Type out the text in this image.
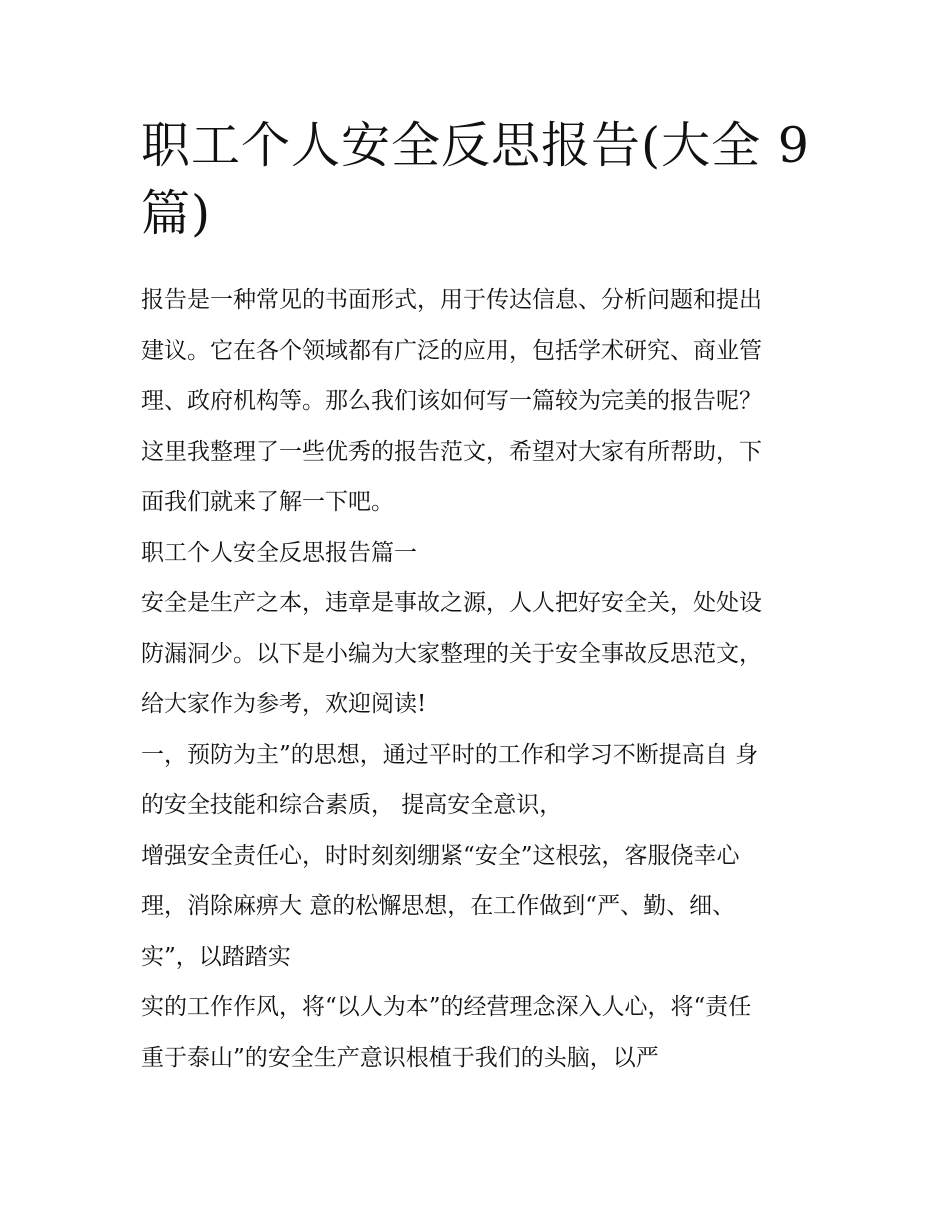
职工个人安全反思报告(大全 9
篇)

报告是一种常见的书面形式，用于传达信息、分析问题和提出
建议。它在各个领域都有广泛的应用，包括学术研究、商业管
理、政府机构等。那么我们该如何写一篇较为完美的报告呢？
这里我整理了一些优秀的报告范文，希望对大家有所帮助，下
面我们就来了解一下吧。

职工个人安全反思报告篇一

安全是生产之本，违章是事故之源，人人把好安全关，处处设
防漏洞少。以下是小编为大家整理的关于安全事故反思范文，
给大家作为参考，欢迎阅读!

一，预防为主”的思想，通过平时的工作和学习不断提高自 身
的安全技能和综合素质， 提高安全意识，

增强安全责任心，时时刻刻绷紧“安全”这根弦，客服侥幸心
理，消除麻痹大 意的松懈思想，在工作做到“严、勤、细、
实”，以踏踏实

实的工作作风，将“以人为本”的经营理念深入人心，将“责任
重于泰山”的安全生产意识根植于我们的头脑，以严
